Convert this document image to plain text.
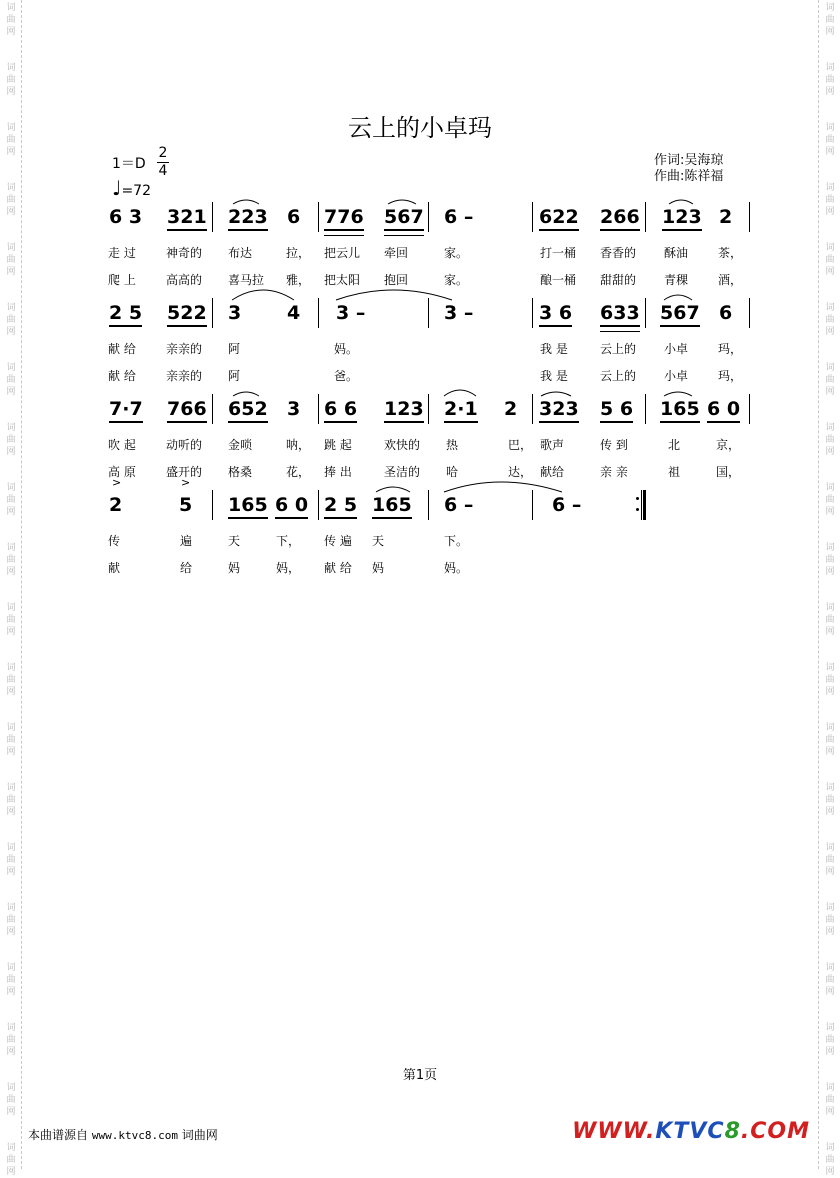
词曲网
词曲网
词曲网
词曲网
词曲网
词曲网
词曲网
词曲网
词曲网
词曲网
词曲网
词曲网
词曲网
词曲网
词曲网
词曲网
词曲网
词曲网
词曲网
词曲网
词曲网
词曲网
词曲网
词曲网
词曲网
词曲网
词曲网
词曲网
词曲网
词曲网
词曲网
词曲网
词曲网
词曲网
词曲网
词曲网
词曲网
词曲网
词曲网
词曲网
云上的小卓玛
1＝D
2
4
♩=72
作词:吴海琼
作曲:陈祥福
6 3 321 223 6 776 567 6 –	622 266 123 2
走 过	神奇的 布达	拉， 把云儿 牵回	家。	打一桶 香香的 酥油 茶，
爬 上	高高的 喜马拉 雅， 把太阳 抱回	家。	酿一桶 甜甜的 青稞 酒，
2 5 522 3 4 3 –	3 –	3 6 633 567 6
献 给	亲亲的 阿	妈。	我 是	云上的 小卓 玛，
献 给	亲亲的 阿	爸。	我 是	云上的 小卓 玛，
7·7 766 652 3 6 6 123 2·1 2 323 5 6 165 6 0
吹 起	动听的 金唢	呐， 跳 起	欢快的 热	巴， 歌声	传 到	北	京，
高 原	盛开的 格桑	花， 捧 出	圣洁的 哈	达， 献给	亲 亲	祖	国，
>	>
2	5 165 6 0 2 5 165 6 –	6 –
传	遍	天	下， 传 遍 天	下。
献	给	妈	妈， 献 给 妈	妈。
第1页
本曲谱源自 www.ktvc8.com 词曲网	WWW.KTVC8.COM
